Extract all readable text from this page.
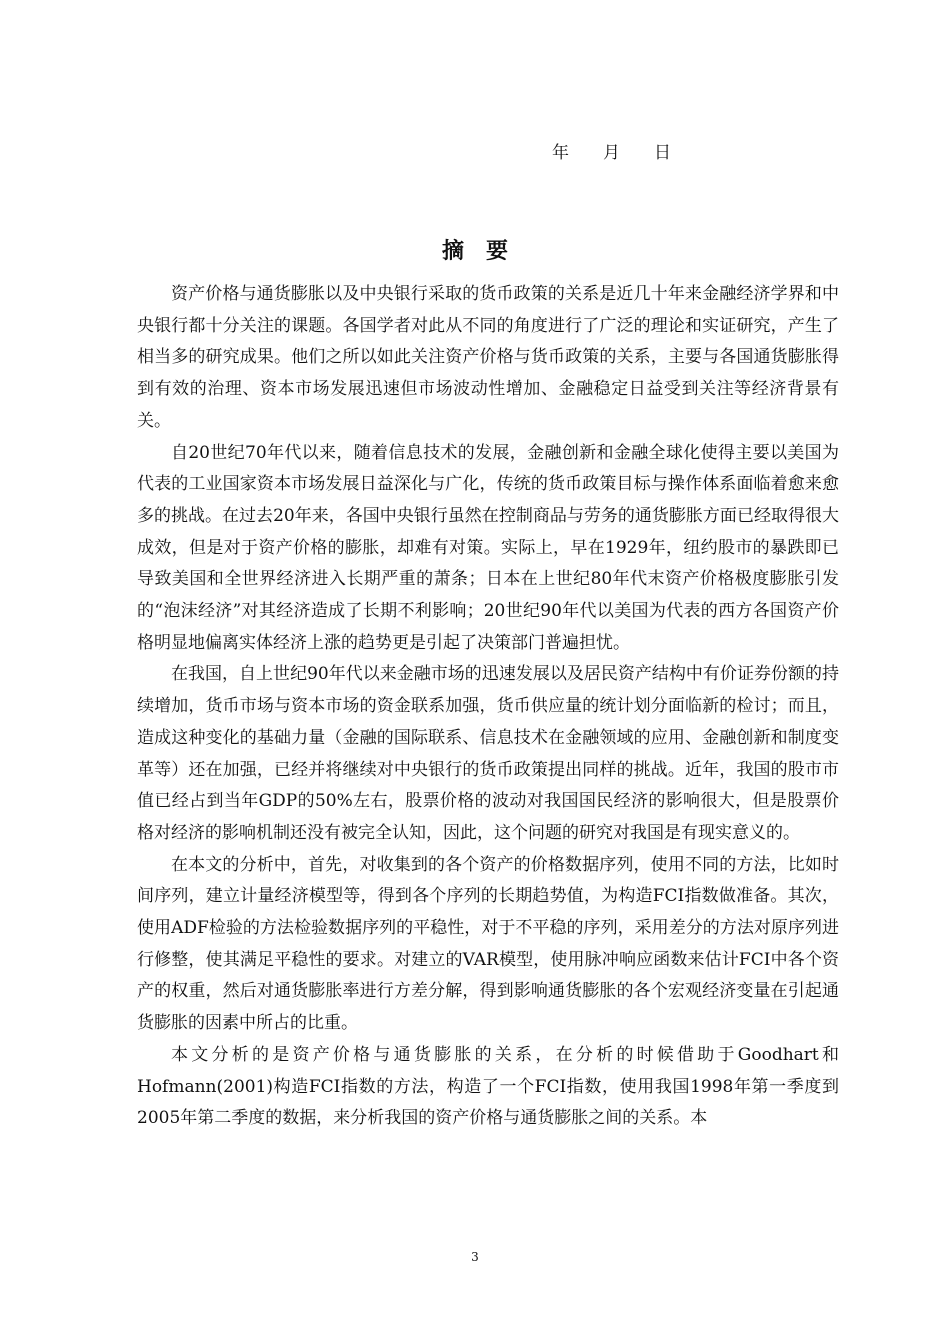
年　　月　　日
摘　要

资产价格与通货膨胀以及中央银行采取的货币政策的关系是近几十年来金融经济学界和中央银行都十分关注的课题。各国学者对此从不同的角度进行了广泛的理论和实证研究，产生了相当多的研究成果。他们之所以如此关注资产价格与货币政策的关系，主要与各国通货膨胀得到有效的治理、资本市场发展迅速但市场波动性增加、金融稳定日益受到关注等经济背景有关。

自20世纪70年代以来，随着信息技术的发展，金融创新和金融全球化使得主要以美国为代表的工业国家资本市场发展日益深化与广化，传统的货币政策目标与操作体系面临着愈来愈多的挑战。在过去20年来，各国中央银行虽然在控制商品与劳务的通货膨胀方面已经取得很大成效，但是对于资产价格的膨胀，却难有对策。实际上，早在1929年，纽约股市的暴跌即已导致美国和全世界经济进入长期严重的萧条；日本在上世纪80年代末资产价格极度膨胀引发的“泡沫经济”对其经济造成了长期不利影响；20世纪90年代以美国为代表的西方各国资产价格明显地偏离实体经济上涨的趋势更是引起了决策部门普遍担忧。

在我国，自上世纪90年代以来金融市场的迅速发展以及居民资产结构中有价证券份额的持续增加，货币市场与资本市场的资金联系加强，货币供应量的统计划分面临新的检讨；而且，造成这种变化的基础力量（金融的国际联系、信息技术在金融领域的应用、金融创新和制度变革等）还在加强，已经并将继续对中央银行的货币政策提出同样的挑战。近年，我国的股市市值已经占到当年GDP的50%左右，股票价格的波动对我国国民经济的影响很大，但是股票价格对经济的影响机制还没有被完全认知，因此，这个问题的研究对我国是有现实意义的。

在本文的分析中，首先，对收集到的各个资产的价格数据序列，使用不同的方法，比如时间序列，建立计量经济模型等，得到各个序列的长期趋势值，为构造FCI指数做准备。其次，使用ADF检验的方法检验数据序列的平稳性，对于不平稳的序列，采用差分的方法对原序列进行修整，使其满足平稳性的要求。对建立的VAR模型，使用脉冲响应函数来估计FCI中各个资产的权重，然后对通货膨胀率进行方差分解，得到影响通货膨胀的各个宏观经济变量在引起通货膨胀的因素中所占的比重。

本文分析的是资产价格与通货膨胀的关系，在分析的时候借助于Goodhart和Hofmann(2001)构造FCI指数的方法，构造了一个FCI指数，使用我国1998年第一季度到2005年第二季度的数据，来分析我国的资产价格与通货膨胀之间的关系。本

3
